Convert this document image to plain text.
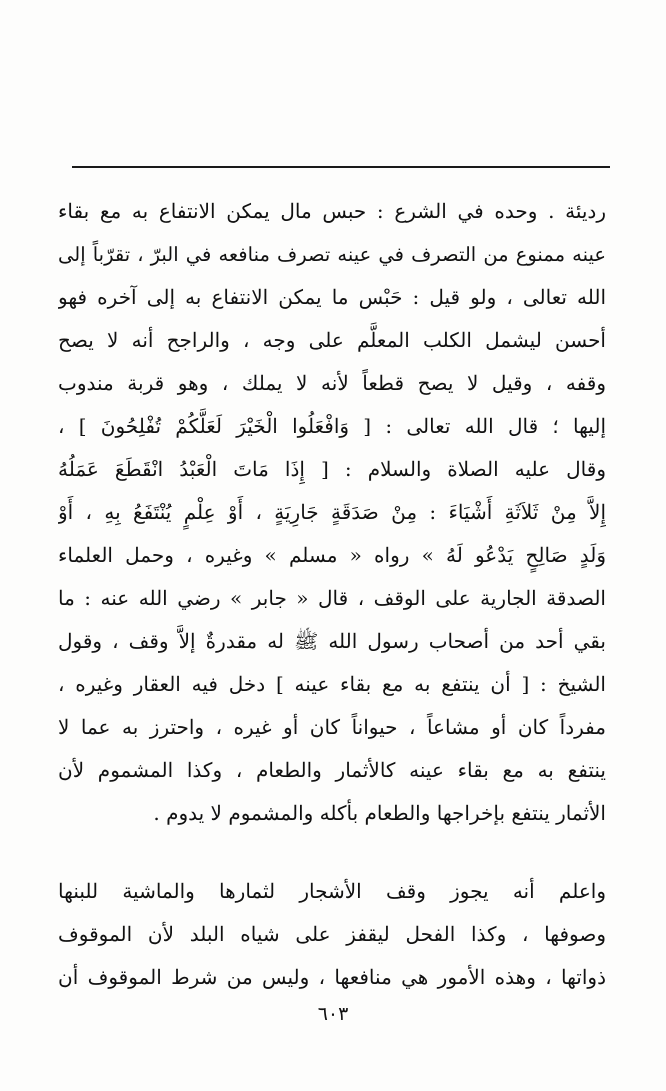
رديئة . وحده في الشرع : حبس مال يمكن الانتفاع به مع بقاء
عينه ممنوع من التصرف في عينه تصرف منافعه في البرّ ، تقرّباً إلى
الله تعالى ، ولو قيل : حَبْس ما يمكن الانتفاع به إلى آخره فهو
أحسن ليشمل الكلب المعلَّم على وجه ، والراجح أنه لا يصح
وقفه ، وقيل لا يصح قطعاً لأنه لا يملك ، وهو قربة مندوب
إليها ؛ قال الله تعالى : [ وَافْعَلُوا الْخَيْرَ لَعَلَّكُمْ تُفْلِحُونَ ] ،
وقال عليه الصلاة والسلام : [ إِذَا مَاتَ الْعَبْدُ انْقَطَعَ عَمَلُهُ
إِلاَّ مِنْ ثَلاَثَةِ أَشْيَاءَ : مِنْ صَدَقَةٍ جَارِيَةٍ ، أَوْ عِلْمٍ يُنْتَفَعُ بِهِ ، أَوْ
وَلَدٍ صَالِحٍ يَدْعُو لَهُ » رواه « مسلم » وغيره ، وحمل العلماء
الصدقة الجارية على الوقف ، قال « جابر » رضي الله عنه : ما
بقي أحد من أصحاب رسول الله ﷺ له مقدرةٌ إلاَّ وقف ، وقول
الشيخ : [ أن ينتفع به مع بقاء عينه ] دخل فيه العقار وغيره ،
مفرداً كان أو مشاعاً ، حيواناً كان أو غيره ، واحترز به عما لا
ينتفع به مع بقاء عينه كالأثمار والطعام ، وكذا المشموم لأن
الأثمار ينتفع بإخراجها والطعام بأكله والمشموم لا يدوم .
واعلم أنه يجوز وقف الأشجار لثمارها والماشية للبنها
وصوفها ، وكذا الفحل ليقفز على شياه البلد لأن الموقوف
ذواتها ، وهذه الأمور هي منافعها ، وليس من شرط الموقوف أن
٦٠٣
